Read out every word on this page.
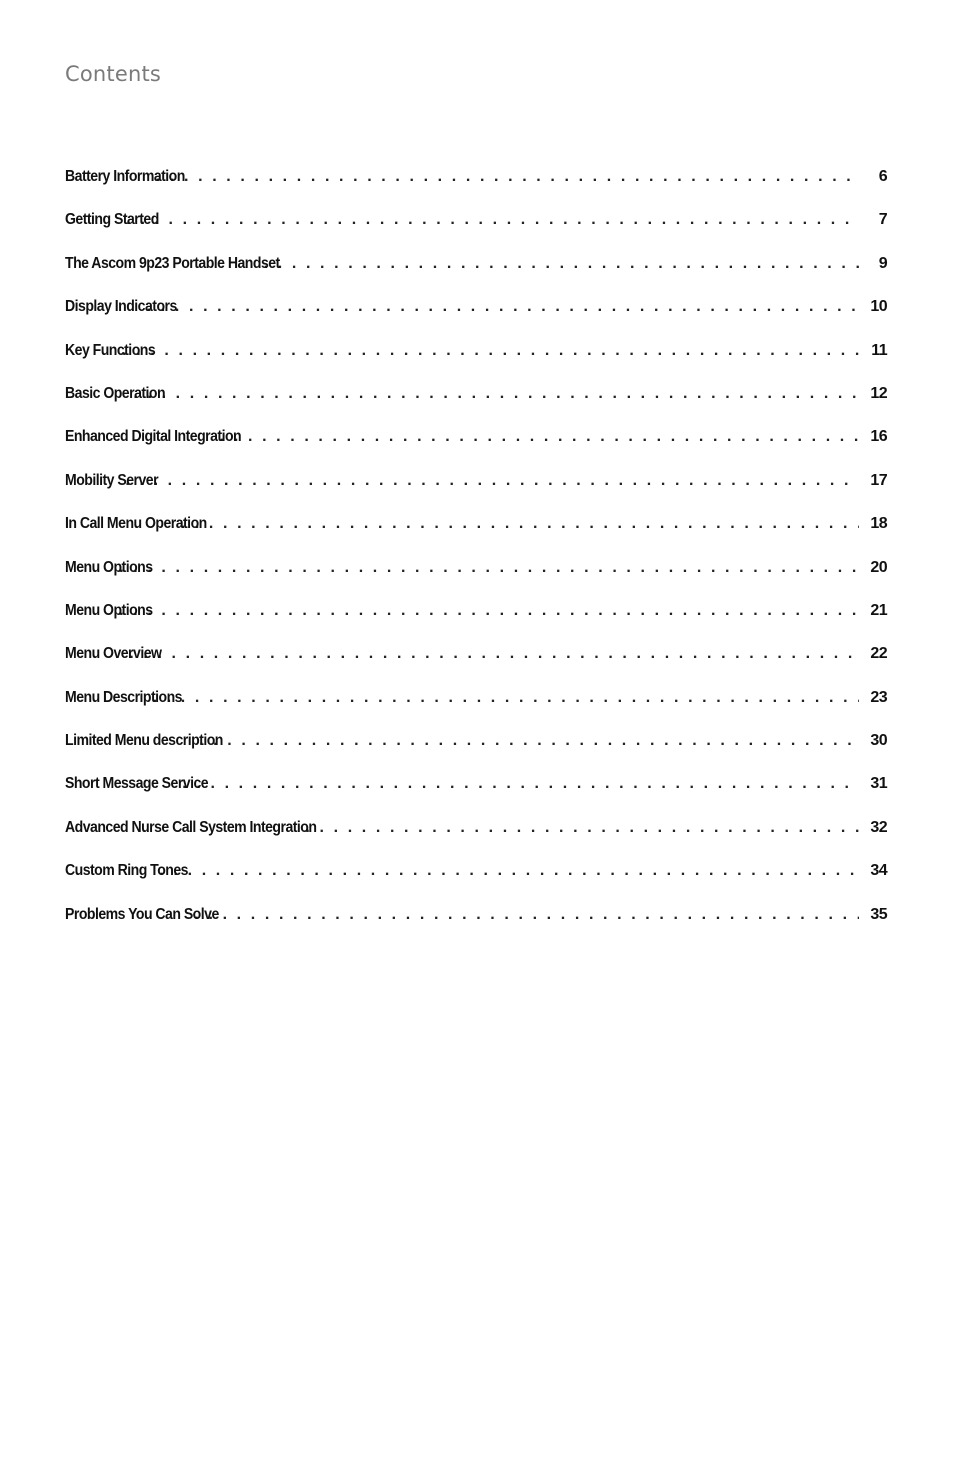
Contents
Battery Information . . .	6
Getting Started . . .	7
The Ascom 9p23 Portable Handset . . .	9
Display Indicators . . .	10
Key Functions . . .	11
Basic Operation . . .	12
Enhanced Digital Integration . . .	16
Mobility Server . . .	17
In Call Menu Operation . . .	18
Menu Options . . .	20
Menu Options . . .	21
Menu Overview . . .	22
Menu Descriptions . . .	23
Limited Menu description . . .	30
Short Message Service . . .	31
Advanced Nurse Call System Integration . . .	32
Custom Ring Tones . . .	34
Problems You Can Solve . . .	35
